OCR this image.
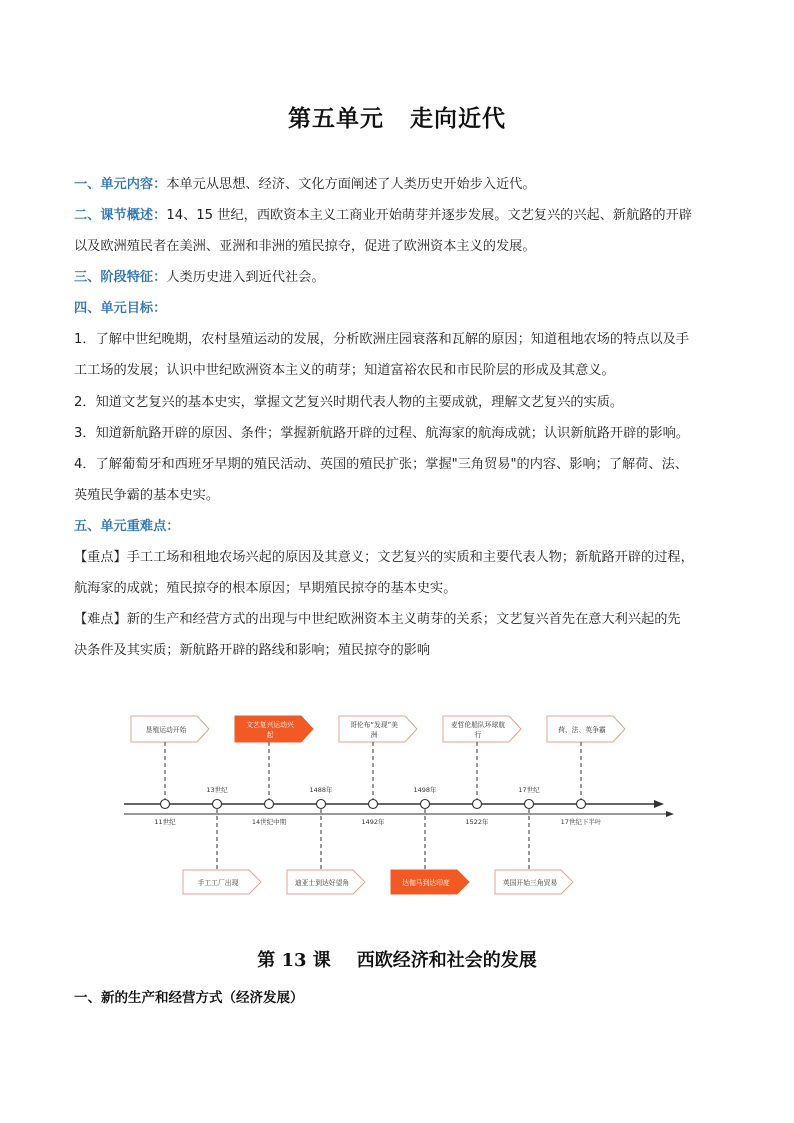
第五单元 走向近代
一、单元内容：本单元从思想、经济、文化方面阐述了人类历史开始步入近代。
二、课节概述：14、15 世纪，西欧资本主义工商业开始萌芽并逐步发展。文艺复兴的兴起、新航路的开辟
以及欧洲殖民者在美洲、亚洲和非洲的殖民掠夺，促进了欧洲资本主义的发展。
三、阶段特征：人类历史进入到近代社会。
四、单元目标：
1．了解中世纪晚期，农村垦殖运动的发展，分析欧洲庄园衰落和瓦解的原因；知道租地农场的特点以及手
工工场的发展；认识中世纪欧洲资本主义的萌芽；知道富裕农民和市民阶层的形成及其意义。
2．知道文艺复兴的基本史实，掌握文艺复兴时期代表人物的主要成就，理解文艺复兴的实质。
3．知道新航路开辟的原因、条件；掌握新航路开辟的过程、航海家的航海成就；认识新航路开辟的影响。
4．了解葡萄牙和西班牙早期的殖民活动、英国的殖民扩张；掌握"三角贸易"的内容、影响；了解荷、法、
英殖民争霸的基本史实。
五、单元重难点：
【重点】手工工场和租地农场兴起的原因及其意义；文艺复兴的实质和主要代表人物；新航路开辟的过程，
航海家的成就；殖民掠夺的根本原因；早期殖民掠夺的基本史实。
【难点】新的生产和经营方式的出现与中世纪欧洲资本主义萌芽的关系；文艺复兴首先在意大利兴起的先
决条件及其实质；新航路开辟的路线和影响；殖民掠夺的影响
13世纪	1488年	1498年	17世纪
11世纪	14世纪中期	1492年	1522年	17世纪下半叶
垦殖运动开始
文艺复兴运动兴
起
哥伦布“发现”美
洲
麦哲伦船队环球航
行
荷、法、英争霸
手工工厂出现	迪亚士到达好望角	达伽马到达印度	英国开始三角贸易
第 13 课 西欧经济和社会的发展
一、新的生产和经营方式（经济发展）
